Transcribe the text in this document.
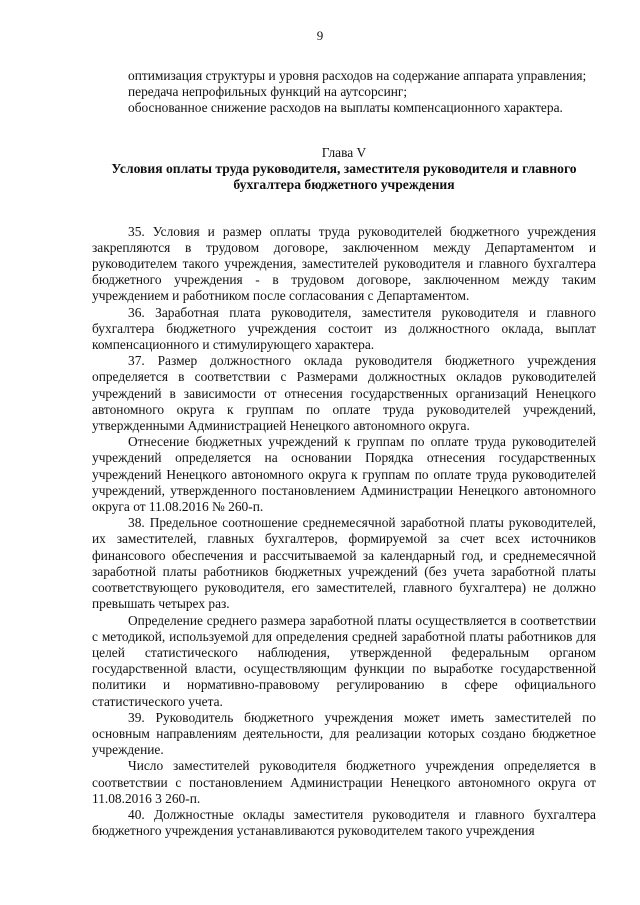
9

оптимизация структуры и уровня расходов на содержание аппарата управления;

передача непрофильных функций на аутсорсинг;

обоснованное снижение расходов на выплаты компенсационного характера.

Глава V

Условия оплаты труда руководителя, заместителя руководителя и главного бухгалтера бюджетного учреждения

35. Условия и размер оплаты труда руководителей бюджетного учреждения закрепляются в трудовом договоре, заключенном между Департаментом и руководителем такого учреждения, заместителей руководителя и главного бухгалтера бюджетного учреждения - в трудовом договоре, заключенном между таким учреждением и работником после согласования с Департаментом.

36. Заработная плата руководителя, заместителя руководителя и главного бухгалтера бюджетного учреждения состоит из должностного оклада, выплат компенсационного и стимулирующего характера.

37. Размер должностного оклада руководителя бюджетного учреждения определяется в соответствии с Размерами должностных окладов руководителей учреждений в зависимости от отнесения государственных организаций Ненецкого автономного округа к группам по оплате труда руководителей учреждений, утвержденными Администрацией Ненецкого автономного округа.

Отнесение бюджетных учреждений к группам по оплате труда руководителей учреждений определяется на основании Порядка отнесения государственных учреждений Ненецкого автономного округа к группам по оплате труда руководителей учреждений, утвержденного постановлением Администрации Ненецкого автономного округа от 11.08.2016 № 260-п.

38. Предельное соотношение среднемесячной заработной платы руководителей, их заместителей, главных бухгалтеров, формируемой за счет всех источников финансового обеспечения и рассчитываемой за календарный год, и среднемесячной заработной платы работников бюджетных учреждений (без учета заработной платы соответствующего руководителя, его заместителей, главного бухгалтера) не должно превышать четырех раз.

Определение среднего размера заработной платы осуществляется в соответствии с методикой, используемой для определения средней заработной платы работников для целей статистического наблюдения, утвержденной федеральным органом государственной власти, осуществляющим функции по выработке государственной политики и нормативно-правовому регулированию в сфере официального статистического учета.

39. Руководитель бюджетного учреждения может иметь заместителей по основным направлениям деятельности, для реализации которых создано бюджетное учреждение.

Число заместителей руководителя бюджетного учреждения определяется в соответствии с постановлением Администрации Ненецкого автономного округа от 11.08.2016 3 260-п.

40. Должностные оклады заместителя руководителя и главного бухгалтера бюджетного учреждения устанавливаются руководителем такого учреждения
